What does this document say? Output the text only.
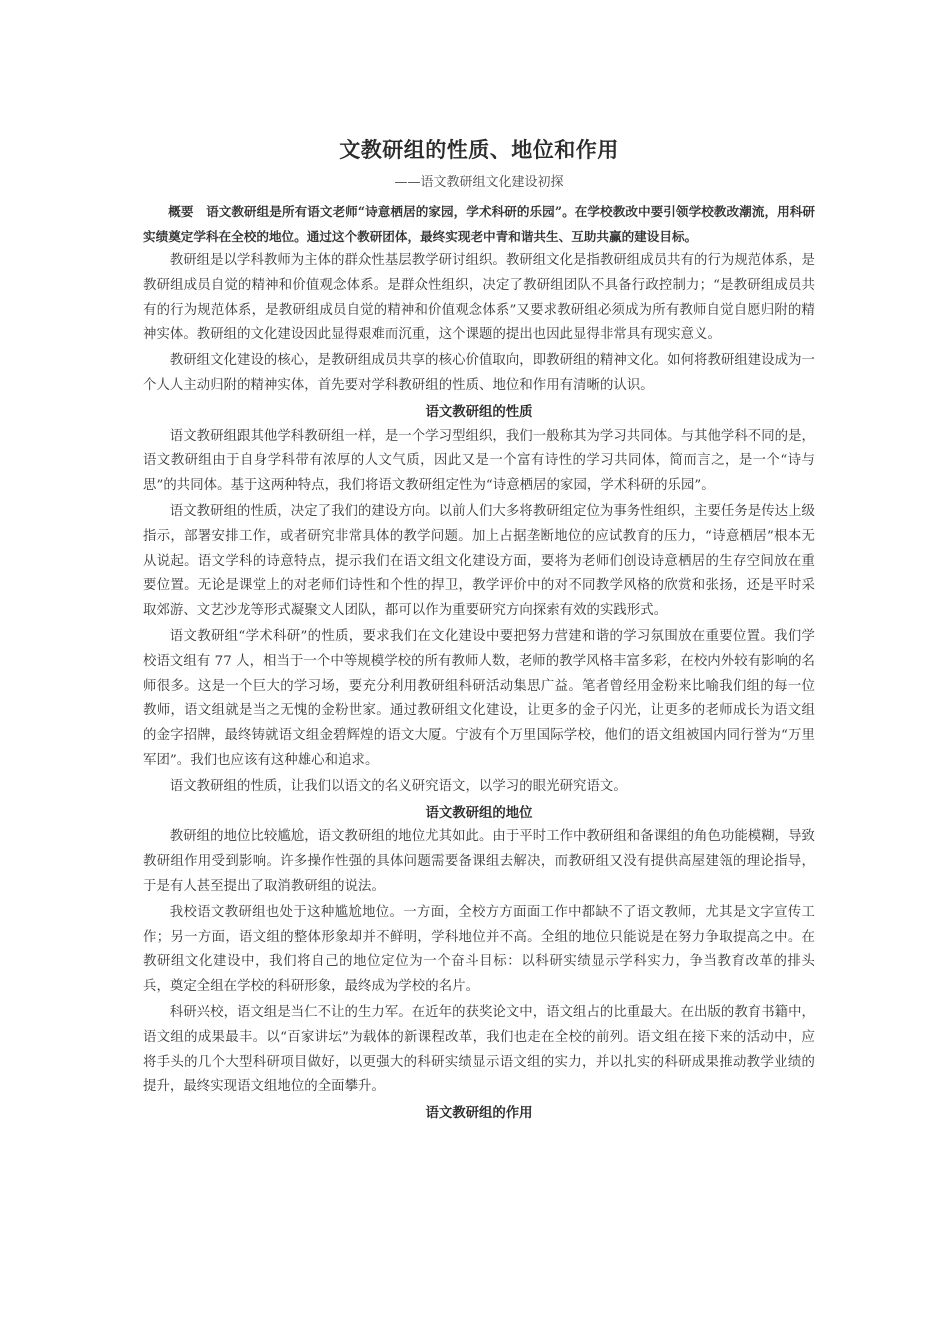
文教研组的性质、地位和作用
——语文教研组文化建设初探

概要 语文教研组是所有语文老师“诗意栖居的家园，学术科研的乐园”。在学校教改中要引领学校教改潮流，用科研实绩奠定学科在全校的地位。通过这个教研团体，最终实现老中青和谐共生、互助共赢的建设目标。

教研组是以学科教师为主体的群众性基层教学研讨组织。教研组文化是指教研组成员共有的行为规范体系，是教研组成员自觉的精神和价值观念体系。是群众性组织，决定了教研组团队不具备行政控制力；“是教研组成员共有的行为规范体系，是教研组成员自觉的精神和价值观念体系”又要求教研组必须成为所有教师自觉自愿归附的精神实体。教研组的文化建设因此显得艰难而沉重，这个课题的提出也因此显得非常具有现实意义。

教研组文化建设的核心，是教研组成员共享的核心价值取向，即教研组的精神文化。如何将教研组建设成为一个人人主动归附的精神实体，首先要对学科教研组的性质、地位和作用有清晰的认识。

语文教研组的性质

语文教研组跟其他学科教研组一样，是一个学习型组织，我们一般称其为学习共同体。与其他学科不同的是，语文教研组由于自身学科带有浓厚的人文气质，因此又是一个富有诗性的学习共同体，简而言之，是一个“诗与思”的共同体。基于这两种特点，我们将语文教研组定性为“诗意栖居的家园，学术科研的乐园”。

语文教研组的性质，决定了我们的建设方向。以前人们大多将教研组定位为事务性组织，主要任务是传达上级指示，部署安排工作，或者研究非常具体的教学问题。加上占据垄断地位的应试教育的压力，“诗意栖居”根本无从说起。语文学科的诗意特点，提示我们在语文组文化建设方面，要将为老师们创设诗意栖居的生存空间放在重要位置。无论是课堂上的对老师们诗性和个性的捍卫，教学评价中的对不同教学风格的欣赏和张扬，还是平时采取郊游、文艺沙龙等形式凝聚文人团队，都可以作为重要研究方向探索有效的实践形式。

语文教研组“学术科研”的性质，要求我们在文化建设中要把努力营建和谐的学习氛围放在重要位置。我们学校语文组有 77 人，相当于一个中等规模学校的所有教师人数，老师的教学风格丰富多彩，在校内外较有影响的名师很多。这是一个巨大的学习场，要充分利用教研组科研活动集思广益。笔者曾经用金粉来比喻我们组的每一位教师，语文组就是当之无愧的金粉世家。通过教研组文化建设，让更多的金子闪光，让更多的老师成长为语文组的金字招牌，最终铸就语文组金碧辉煌的语文大厦。宁波有个万里国际学校，他们的语文组被国内同行誉为“万里军团”。我们也应该有这种雄心和追求。

语文教研组的性质，让我们以语文的名义研究语文，以学习的眼光研究语文。

语文教研组的地位

教研组的地位比较尴尬，语文教研组的地位尤其如此。由于平时工作中教研组和备课组的角色功能模糊，导致教研组作用受到影响。许多操作性强的具体问题需要备课组去解决，而教研组又没有提供高屋建瓴的理论指导，于是有人甚至提出了取消教研组的说法。

我校语文教研组也处于这种尴尬地位。一方面，全校方方面面工作中都缺不了语文教师，尤其是文字宣传工作；另一方面，语文组的整体形象却并不鲜明，学科地位并不高。全组的地位只能说是在努力争取提高之中。在教研组文化建设中，我们将自己的地位定位为一个奋斗目标：以科研实绩显示学科实力，争当教育改革的排头兵，奠定全组在学校的科研形象，最终成为学校的名片。

科研兴校，语文组是当仁不让的生力军。在近年的获奖论文中，语文组占的比重最大。在出版的教育书籍中，语文组的成果最丰。以“百家讲坛”为载体的新课程改革，我们也走在全校的前列。语文组在接下来的活动中，应将手头的几个大型科研项目做好，以更强大的科研实绩显示语文组的实力，并以扎实的科研成果推动教学业绩的提升，最终实现语文组地位的全面攀升。

语文教研组的作用
